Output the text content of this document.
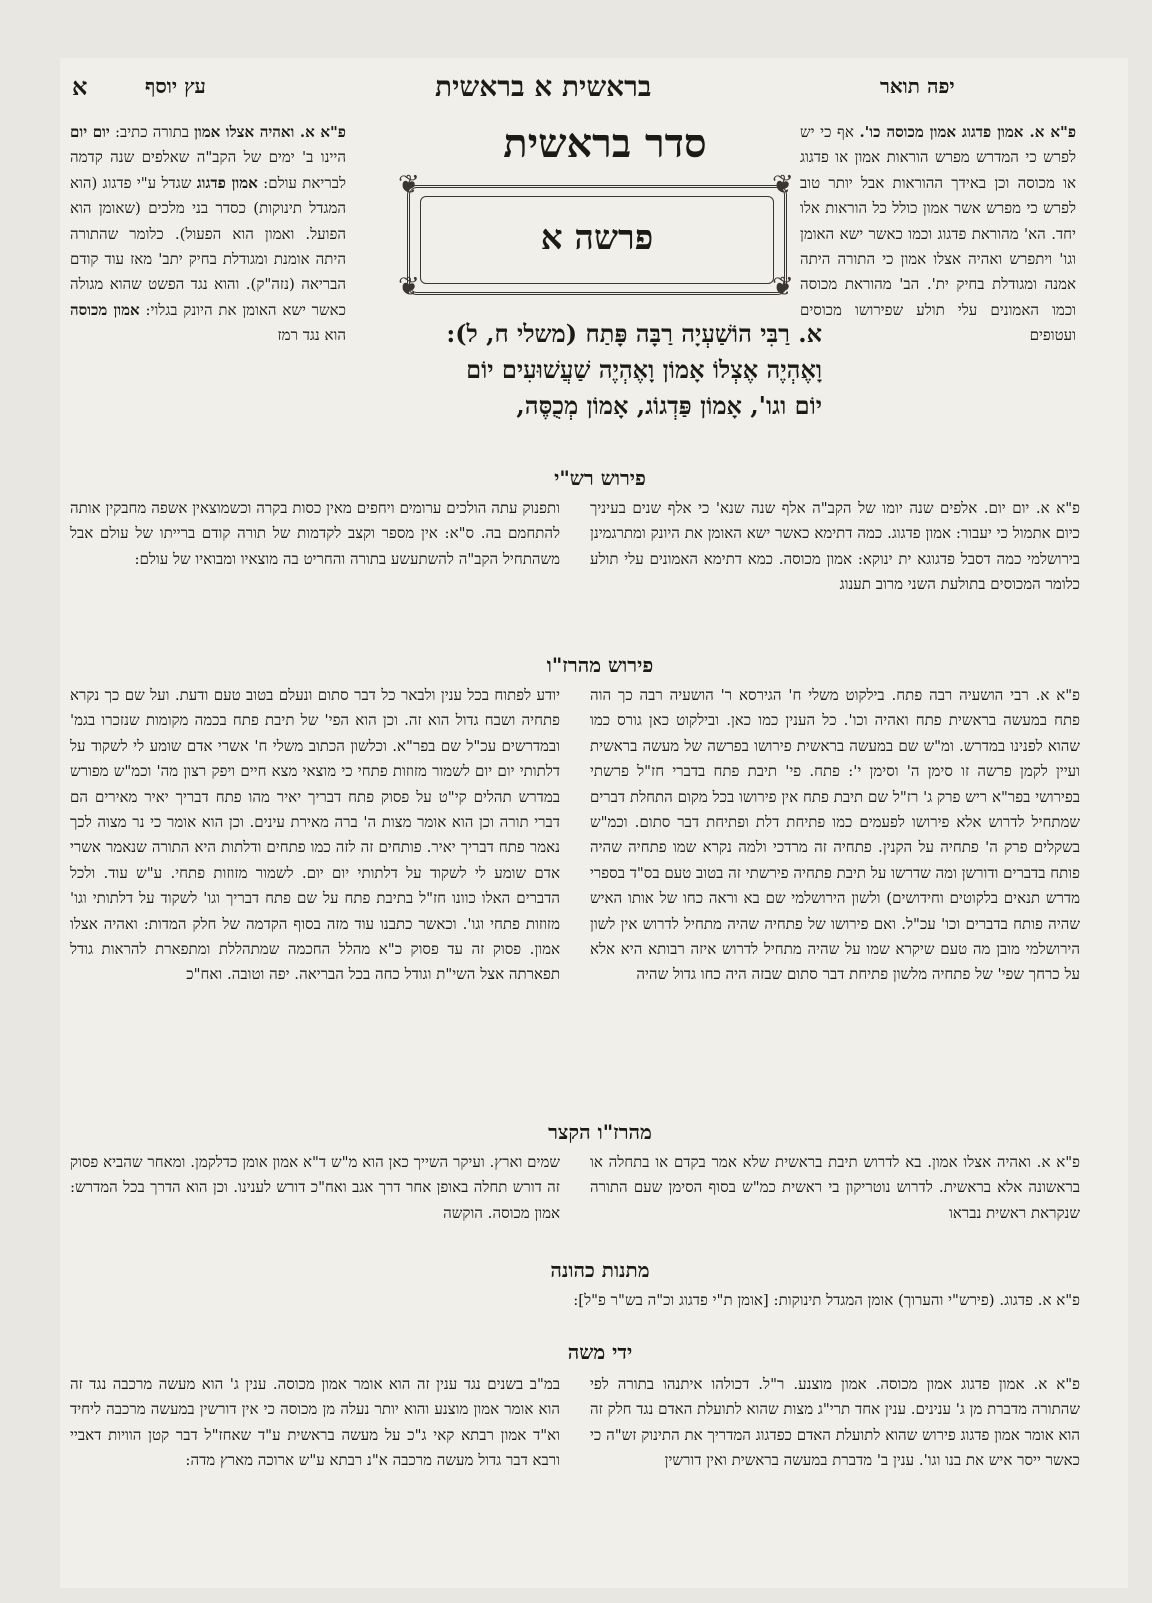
א	עץ יוסף	בראשית א בראשית	יפה תואר
סדר בראשית
❦	❦
❦	❦
פרשה א

א. רַבִּי הוֹשַׁעְיָה רַבָּה פָּתַח (משלי ח, ל):

וָאֶהְיֶה אֶצְלוֹ אָמוֹן וָאֶהְיֶה שַׁעֲשׁוּעִים יוֹם

יוֹם וגו', אָמוֹן פַּדְגוֹג, אָמוֹן מְכֻסֶּה,

פ"א א. אמון פדגוג אמון מכוסה כו'. אף כי יש לפרש כי המדרש מפרש הוראות אמון או פדגוג או מכוסה וכן באידך ההוראות אבל יותר טוב לפרש כי מפרש אשר אמון כולל כל הוראות אלו יחד. הא' מהוראת פדגוג וכמו כאשר ישא האומן וגו' ויתפרש ואהיה אצלו אמון כי התורה היתה אמנה ומגודלת בחיק ית'. הב' מהוראת מכוסה וכמו האמונים עלי תולע שפירושו מכוסים ועטופים

פ"א א. ואהיה אצלו אמון בתורה כתיב: יום יום היינו ב' ימים של הקב"ה שאלפים שנה קדמה לבריאת עולם: אמון פדגוג שגדל ע"י פדגוג (הוא המגדל תינוקות) כסדר בני מלכים (שאומן הוא הפועל. ואמון הוא הפעול). כלומר שהתורה היתה אומנת ומגודלת בחיק יתב' מאז עוד קודם הבריאה (נזה"ק). והוא נגד הפשט שהוא מגולה כאשר ישא האומן את היונק בגלוי: אמון מכוסה הוא נגד רמז

פירוש רש"י
פ"א א. יום יום. אלפים שנה יומו של הקב"ה אלף שנה שנא' כי אלף שנים בעיניך כיום אתמול כי יעבור: אמון פדגוג. כמה דתימא כאשר ישא האומן את היונק ומתרגמינן בירושלמי כמה דסבל פדגוגא ית ינוקא: אמון מכוסה. כמא דתימא האמונים עלי תולע כלומר המכוסים בתולעת השני מרוב תענוג
ותפנוק עתה הולכים ערומים ויחפים מאין כסות בקרה וכשמוצאין אשפה מחבקין אותה להתחמם בה. ס"א: אין מספר וקצב לקדמות של תורה קודם ברייתו של עולם אבל משהתחיל הקב"ה להשתעשע בתורה והחריט בה מוצאיו ומבואיו של עולם:
פירוש מהרז"ו
פ"א א. רבי הושעיה רבה פתח. בילקוט משלי ח' הגירסא ר' הושעיה רבה כך הוה פתח במעשה בראשית פתח ואהיה וכו'. כל הענין כמו כאן. ובילקוט כאן גורס כמו שהוא לפנינו במדרש. ומ"ש שם במעשה בראשית פירושו בפרשה של מעשה בראשית ועיין לקמן פרשה זו סימן ה' וסימן י': פתח. פי' תיבת פתח בדברי חז"ל פרשתי בפירושי בפר"א ריש פרק ג' רז"ל שם תיבת פתח אין פירושו בכל מקום התחלת דברים שמתחיל לדרוש אלא פירושו לפעמים כמו פתיחת דלת ופתיחת דבר סתום. וכמ"ש בשקלים פרק ה' פתחיה על הקנין. פתחיה זה מרדכי ולמה נקרא שמו פתחיה שהיה פותח בדברים ודורשן ומה שדרשו על תיבת פתחיה פירשתי זה בטוב טעם בס"ד בספרי מדרש תנאים בלקוטים וחידושים) ולשון הירושלמי שם בא וראה כחו של אותו האיש שהיה פותח בדברים וכו' עכ"ל. ואם פירושו של פתחיה שהיה מתחיל לדרוש אין לשון הירושלמי מובן מה טעם שיקרא שמו על שהיה מתחיל לדרוש איזה רבותא היא אלא על כרחך שפי' של פתחיה מלשון פתיחת דבר סתום שבזה היה כחו גדול שהיה
יודע לפתוח בכל ענין ולבאר כל דבר סתום ונעלם בטוב טעם ודעת. ועל שם כך נקרא פתחיה ושבח גדול הוא זה. וכן הוא הפי' של תיבת פתח בכמה מקומות שנזכרו בגמ' ובמדרשים עכ"ל שם בפר"א. וכלשון הכתוב משלי ח' אשרי אדם שומע לי לשקוד על דלתותי יום יום לשמור מזוזות פתחי כי מוצאי מצא חיים ויפק רצון מה' וכמ"ש מפורש במדרש תהלים קי"ט על פסוק פתח דבריך יאיר מהו פתח דבריך יאיר מאירים הם דברי תורה וכן הוא אומר מצות ה' ברה מאירת עינים. וכן הוא אומר כי נר מצוה לכך נאמר פתח דבריך יאיר. פותחים זה לזה כמו פתחים ודלתות היא התורה שנאמר אשרי אדם שומע לי לשקוד על דלתותי יום יום. לשמור מזוזות פתחי. ע"ש עוד. ולכל הדברים האלו כוונו חז"ל בתיבת פתח על שם פתח דבריך וגו' לשקוד על דלתותי וגו' מזוזות פתחי וגו'. וכאשר כתבנו עוד מזה בסוף הקדמה של חלק המדות: ואהיה אצלו אמון. פסוק זה עד פסוק כ"א מהלל החכמה שמתהללת ומתפארת להראות גודל תפארתה אצל השי"ת וגודל כחה בכל הבריאה. יפה וטובה. ואח"כ
מהרז"ו הקצר
פ"א א. ואהיה אצלו אמון. בא לדרוש תיבת בראשית שלא אמר בקדם או בתחלה או בראשונה אלא בראשית. לדרוש נוטריקון בי ראשית כמ"ש בסוף הסימן שעם התורה שנקראת ראשית נבראו
שמים וארץ. ועיקר השייך כאן הוא מ"ש ד"א אמון אומן כדלקמן. ומאחר שהביא פסוק זה דורש תחלה באופן אחר דרך אגב ואח"כ דורש לענינו. וכן הוא הדרך בכל המדרש: אמון מכוסה. הוקשה
מתנות כהונה
פ"א א. פדגוג. (פירש"י והערוך) אומן המגדל תינוקות: [אומן ת"י פדגוג וכ"ה בש"ר פ"ל]:
ידי משה
פ"א א. אמון פדגוג אמון מכוסה. אמון מוצנע. ר"ל. דכולהו איתנהו בתורה לפי שהתורה מדברת מן ג' ענינים. ענין אחד תרי"ג מצות שהוא לתועלת האדם נגד חלק זה הוא אומר אמון פדגוג פירוש שהוא לתועלת האדם כפדגוג המדריך את התינוק זש"ה כי כאשר ייסר איש את בנו וגו'. ענין ב' מדברת במעשה בראשית ואין דורשין
במ"ב בשנים נגד ענין זה הוא אומר אמון מכוסה. ענין ג' הוא מעשה מרכבה נגד זה הוא אומר אמון מוצנע והוא יותר נעלה מן מכוסה כי אין דורשין במעשה מרכבה ליחיד וא"ד אמון רבתא קאי ג"כ על מעשה בראשית ע"ד שאחז"ל דבר קטן הוויות דאביי ורבא דבר גדול מעשה מרכבה א"נ רבתא ע"ש ארוכה מארץ מדה:
